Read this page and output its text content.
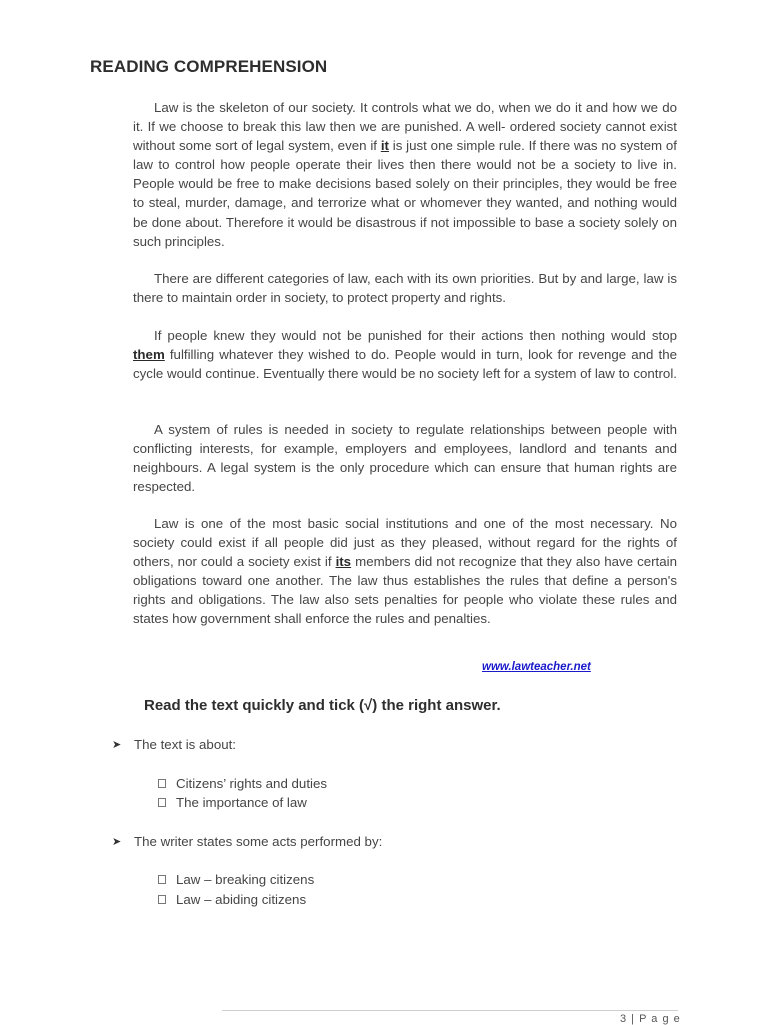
READING COMPREHENSION

Law is the skeleton of our society. It controls what we do, when we do it and how we do it. If we choose to break this law then we are punished. A well- ordered society cannot exist without some sort of legal system, even if it is just one simple rule. If there was no system of law to control how people operate their lives then there would not be a society to live in. People would be free to make decisions based solely on their principles, they would be free to steal, murder, damage, and terrorize what or whomever they wanted, and nothing would be done about. Therefore it would be disastrous if not impossible to base a society solely on such principles.

There are different categories of law, each with its own priorities. But by and large, law is there to maintain order in society, to protect property and rights.

If people knew they would not be punished for their actions then nothing would stop them fulfilling whatever they wished to do. People would in turn, look for revenge and the cycle would continue. Eventually there would be no society left for a system of law to control.

A system of rules is needed in society to regulate relationships between people with conflicting interests, for example, employers and employees, landlord and tenants and neighbours. A legal system is the only procedure which can ensure that human rights are respected.

Law is one of the most basic social institutions and one of the most necessary. No society could exist if all people did just as they pleased, without regard for the rights of others, nor could a society exist if its members did not recognize that they also have certain obligations toward one another. The law thus establishes the rules that define a person's rights and obligations. The law also sets penalties for people who violate these rules and states how government shall enforce the rules and penalties.

www.lawteacher.net
Read the text quickly and tick (√) the right answer.
➤ The text is about:
Citizens’ rights and duties
The importance of law
➤ The writer states some acts performed by:
Law – breaking citizens
Law – abiding citizens
3 | P a g e
